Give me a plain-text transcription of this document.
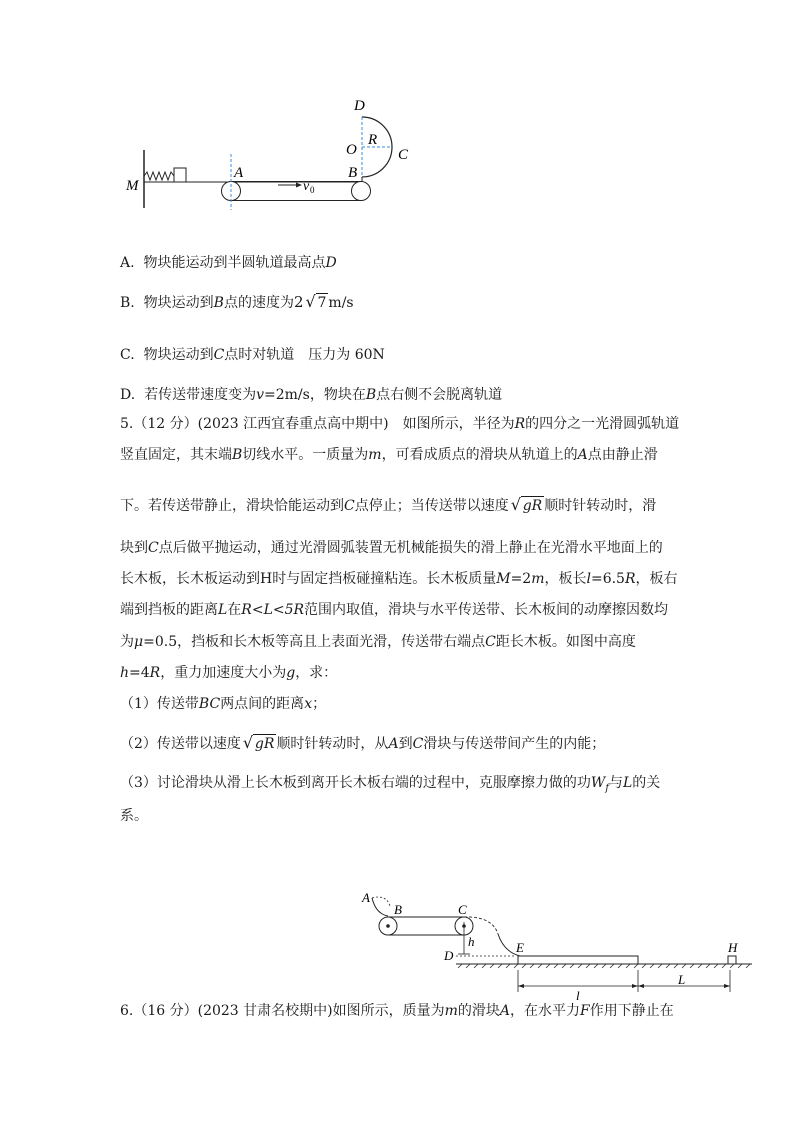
D
O
R
C
M
A	B
v 0
A. 物块能运动到半圆轨道最高点D
B. 物块运动到B点的速度为2 √ 7 m/s
C. 物块运动到C点时对轨道　压力为 60N
D. 若传送带速度变为v=2m/s，物块在B点右侧不会脱离轨道
5.（12 分）(2023 江西宜春重点高中期中)　如图所示，半径为R的四分之一光滑圆弧轨道
竖直固定，其末端B切线水平。一质量为m，可看成质点的滑块从轨道上的A点由静止滑
下。若传送带静止，滑块恰能运动到C点停止；当传送带以速度 √ gR 顺时针转动时，滑
块到C点后做平抛运动，通过光滑圆弧装置无机械能损失的滑上静止在光滑水平地面上的
长木板，长木板运动到H时与固定挡板碰撞粘连。长木板质量M=2m，板长l=6.5R，板右
端到挡板的距离L在R<L<5R范围内取值，滑块与水平传送带、长木板间的动摩擦因数均
为μ=0.5，挡板和长木板等高且上表面光滑，传送带右端点C距长木板。如图中高度
h=4R，重力加速度大小为g，求：
（1）传送带BC两点间的距离x；
（2）传送带以速度 √ gR 顺时针转动时，从A到C滑块与传送带间产生的内能；
（3）讨论滑块从滑上长木板到离开长木板右端的过程中，克服摩擦力做的功$W_f$与L的关
系。
A
B	C
h
D
E	H
l
L
6.（16 分）(2023 甘肃名校期中)如图所示，质量为m的滑块A，在水平力F作用下静止在
